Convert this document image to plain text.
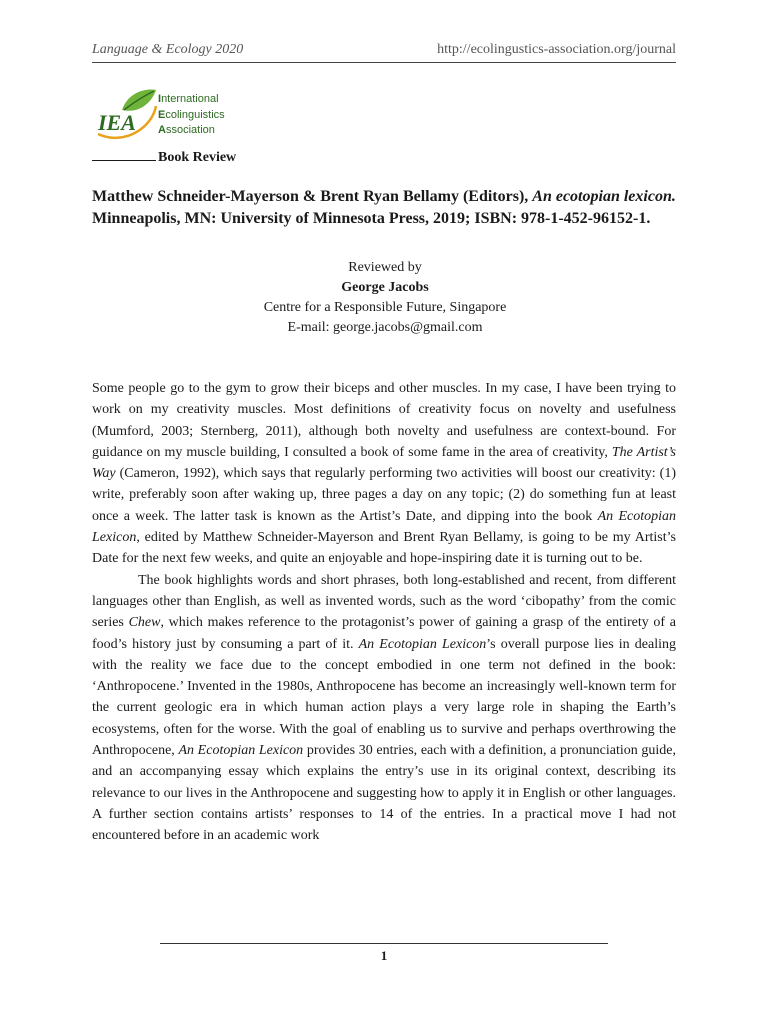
Language & Ecology 2020	http://ecolingustics-association.org/journal
IEA
International
Ecolinguistics
Association
Book Review
Matthew Schneider-Mayerson & Brent Ryan Bellamy (Editors), An ecotopian lexicon. Minneapolis, MN: University of Minnesota Press, 2019; ISBN: 978-1-452-96152-1.
Reviewed by
George Jacobs
Centre for a Responsible Future, Singapore
E-mail: george.jacobs@gmail.com

Some people go to the gym to grow their biceps and other muscles. In my case, I have been trying to work on my creativity muscles. Most definitions of creativity focus on novelty and usefulness (Mumford, 2003; Sternberg, 2011), although both novelty and usefulness are context-bound. For guidance on my muscle building, I consulted a book of some fame in the area of creativity, The Artist’s Way (Cameron, 1992), which says that regularly performing two activities will boost our creativity: (1) write, preferably soon after waking up, three pages a day on any topic; (2) do something fun at least once a week. The latter task is known as the Artist’s Date, and dipping into the book An Ecotopian Lexicon, edited by Matthew Schneider-Mayerson and Brent Ryan Bellamy, is going to be my Artist’s Date for the next few weeks, and quite an enjoyable and hope-inspiring date it is turning out to be.

The book highlights words and short phrases, both long-established and recent, from different languages other than English, as well as invented words, such as the word ‘cibopathy’ from the comic series Chew, which makes reference to the protagonist’s power of gaining a grasp of the entirety of a food’s history just by consuming a part of it. An Ecotopian Lexicon’s overall purpose lies in dealing with the reality we face due to the concept embodied in one term not defined in the book: ‘Anthropocene.’ Invented in the 1980s, Anthropocene has become an increasingly well-known term for the current geologic era in which human action plays a very large role in shaping the Earth’s ecosystems, often for the worse. With the goal of enabling us to survive and perhaps overthrowing the Anthropocene, An Ecotopian Lexicon provides 30 entries, each with a definition, a pronunciation guide, and an accompanying essay which explains the entry’s use in its original context, describing its relevance to our lives in the Anthropocene and suggesting how to apply it in English or other languages. A further section contains artists’ responses to 14 of the entries. In a practical move I had not encountered before in an academic work

1
